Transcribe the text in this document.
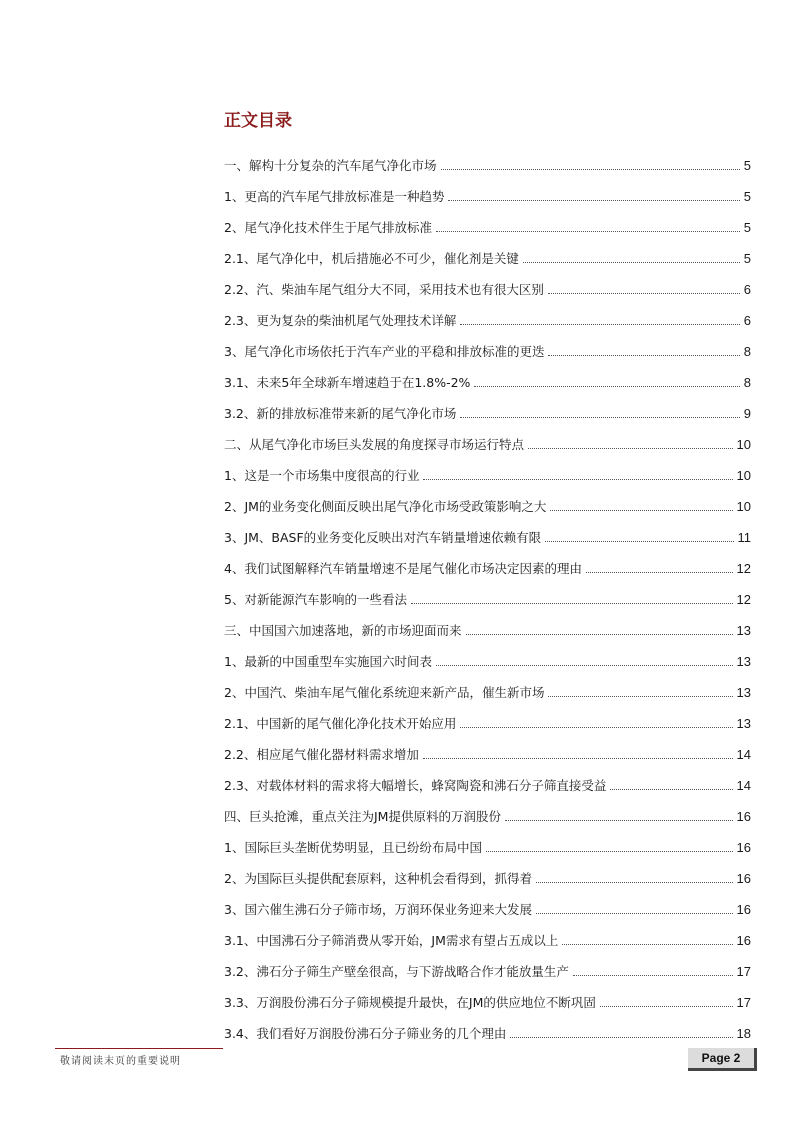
正文目录
一、解构十分复杂的汽车尾气净化市场	5
1、更高的汽车尾气排放标准是一种趋势	5
2、尾气净化技术伴生于尾气排放标准	5
2.1、尾气净化中，机后措施必不可少，催化剂是关键	5
2.2、汽、柴油车尾气组分大不同，采用技术也有很大区别	6
2.3、更为复杂的柴油机尾气处理技术详解	6
3、尾气净化市场依托于汽车产业的平稳和排放标准的更迭	8
3.1、未来5年全球新车增速趋于在1.8%-2%	8
3.2、新的排放标准带来新的尾气净化市场	9
二、从尾气净化市场巨头发展的角度探寻市场运行特点	10
1、这是一个市场集中度很高的行业	10
2、JM的业务变化侧面反映出尾气净化市场受政策影响之大	10
3、JM、BASF的业务变化反映出对汽车销量增速依赖有限	11
4、我们试图解释汽车销量增速不是尾气催化市场决定因素的理由	12
5、对新能源汽车影响的一些看法	12
三、中国国六加速落地，新的市场迎面而来	13
1、最新的中国重型车实施国六时间表	13
2、中国汽、柴油车尾气催化系统迎来新产品，催生新市场	13
2.1、中国新的尾气催化净化技术开始应用	13
2.2、相应尾气催化器材料需求增加	14
2.3、对载体材料的需求将大幅增长，蜂窝陶瓷和沸石分子筛直接受益	14
四、巨头抢滩，重点关注为JM提供原料的万润股份	16
1、国际巨头垄断优势明显，且已纷纷布局中国	16
2、为国际巨头提供配套原料，这种机会看得到，抓得着	16
3、国六催生沸石分子筛市场，万润环保业务迎来大发展	16
3.1、中国沸石分子筛消费从零开始，JM需求有望占五成以上	16
3.2、沸石分子筛生产壁垒很高，与下游战略合作才能放量生产	17
3.3、万润股份沸石分子筛规模提升最快，在JM的供应地位不断巩固	17
3.4、我们看好万润股份沸石分子筛业务的几个理由	18
敬请阅读末页的重要说明	Page 2
